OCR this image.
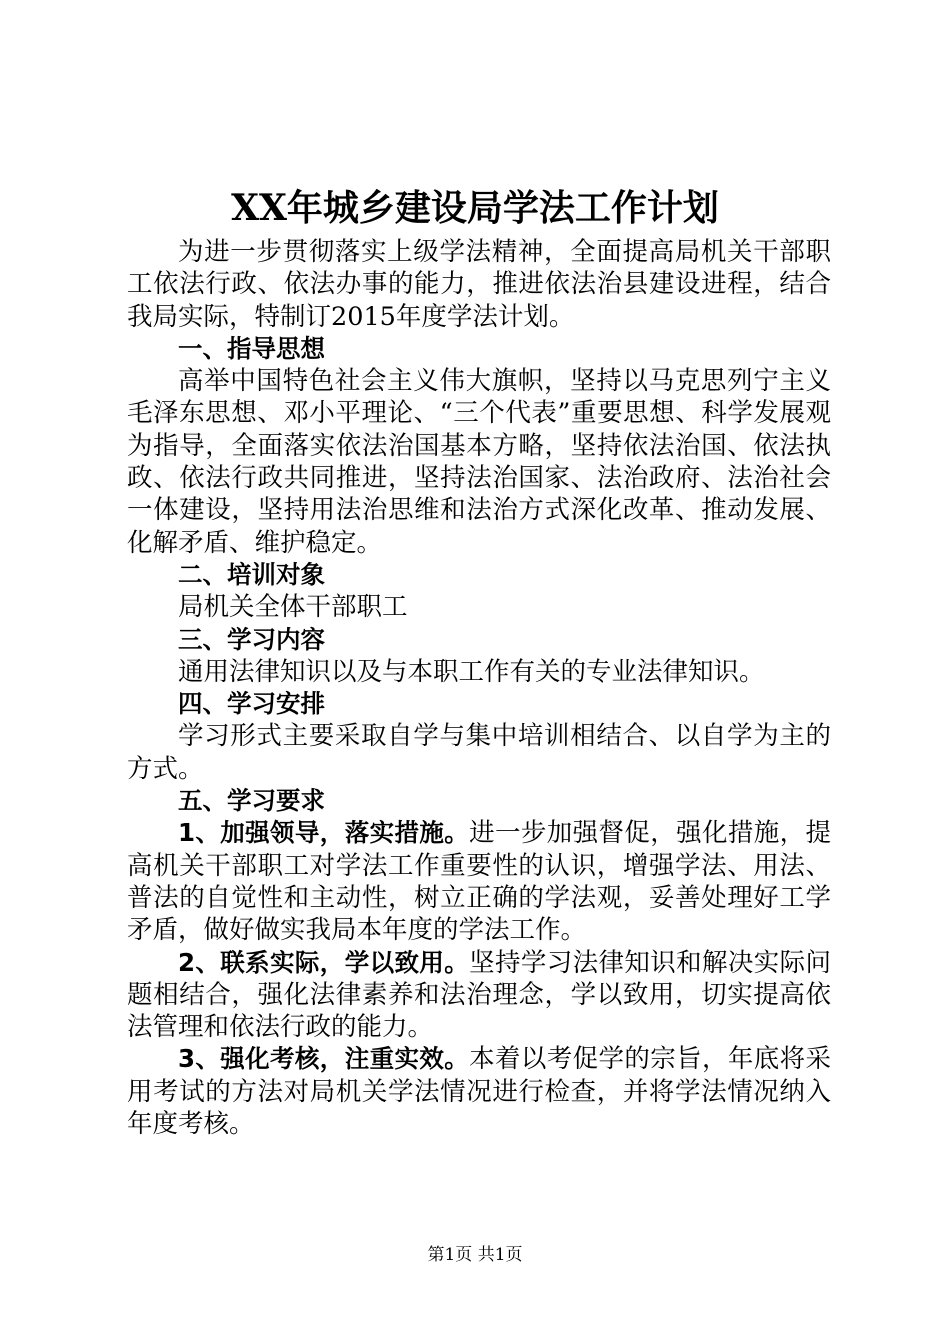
XX年城乡建设局学法工作计划

为进一步贯彻落实上级学法精神，全面提高局机关干部职工依法行政、依法办事的能力，推进依法治县建设进程，结合我局实际，特制订2015年度学法计划。

一、指导思想

高举中国特色社会主义伟大旗帜，坚持以马克思列宁主义毛泽东思想、邓小平理论、“三个代表”重要思想、科学发展观为指导，全面落实依法治国基本方略，坚持依法治国、依法执政、依法行政共同推进，坚持法治国家、法治政府、法治社会一体建设，坚持用法治思维和法治方式深化改革、推动发展、化解矛盾、维护稳定。

二、培训对象

局机关全体干部职工

三、学习内容

通用法律知识以及与本职工作有关的专业法律知识。

四、学习安排

学习形式主要采取自学与集中培训相结合、以自学为主的方式。

五、学习要求

1、加强领导，落实措施。进一步加强督促，强化措施，提高机关干部职工对学法工作重要性的认识，增强学法、用法、普法的自觉性和主动性，树立正确的学法观，妥善处理好工学矛盾，做好做实我局本年度的学法工作。

2、联系实际，学以致用。坚持学习法律知识和解决实际问题相结合，强化法律素养和法治理念，学以致用，切实提高依法管理和依法行政的能力。

3、强化考核，注重实效。本着以考促学的宗旨，年底将采用考试的方法对局机关学法情况进行检查，并将学法情况纳入年度考核。

第1页 共1页
